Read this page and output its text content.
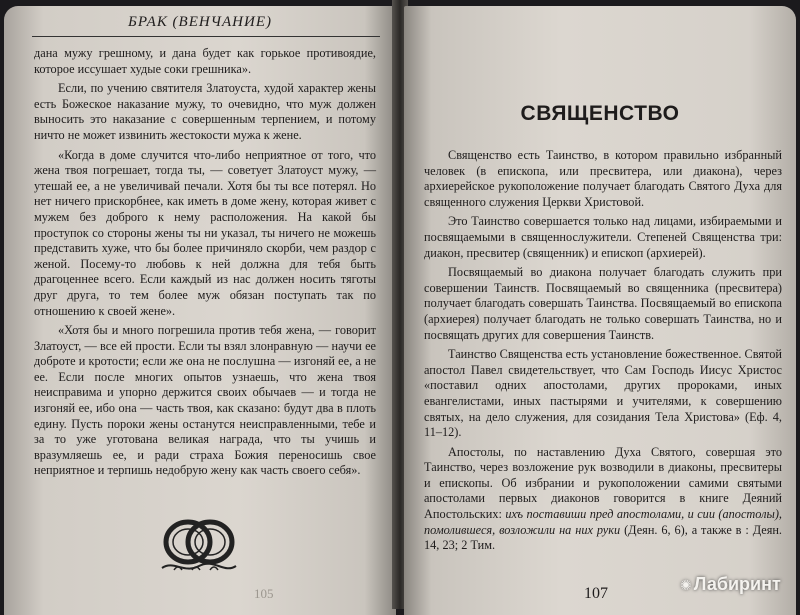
БРАК (ВЕНЧАНИЕ)

дана мужу грешному, и дана будет как горькое противоядие, которое иссушает худые соки грешника».

Если, по учению святителя Златоуста, худой характер жены есть Божеское наказание мужу, то очевидно, что муж должен выносить это наказание с совершенным терпением, и потому ничто не может извинить жестокости мужа к жене.

«Когда в доме случится что-либо неприятное от того, что жена твоя погрешает, тогда ты, — советует Златоуст мужу, — утешай ее, а не увеличивай печали. Хотя бы ты все потерял. Но нет ничего прискорбнее, как иметь в доме жену, которая живет с мужем без доброго к нему расположения. На какой бы проступок со стороны жены ты ни указал, ты ничего не можешь представить хуже, что бы более причиняло скорби, чем раздор с женой. Посему-то любовь к ней должна для тебя быть драгоценнее всего. Если каждый из нас должен носить тяготы друг друга, то тем более муж обязан поступать так по отношению к своей жене».

«Хотя бы и много погрешила против тебя жена, — говорит Златоуст, — все ей прости. Если ты взял злонравную — научи ее доброте и кротости; если же она не послушна — изгоняй ее, а не ее. Если после многих опытов узнаешь, что жена твоя неисправима и упорно держится своих обычаев — и тогда не изгоняй ее, ибо она — часть твоя, как сказано: будут два в плоть едину. Пусть пороки жены останутся неисправленными, тебе и за то уже уготована великая награда, что ты учишь и вразумляешь ее, и ради страха Божия переносишь свое неприятное и терпишь недобрую жену как часть своего себя».

105
СВЯЩЕНСТВО

Священство есть Таинство, в котором правильно избранный человек (в епископа, или пресвитера, или диакона), через архиерейское рукоположение получает благодать Святого Духа для священного служения Церкви Христовой.

Это Таинство совершается только над лицами, избираемыми и посвящаемыми в священнослужители. Степеней Священства три: диакон, пресвитер (священник) и епископ (архиерей).

Посвящаемый во диакона получает благодать служить при совершении Таинств. Посвящаемый во священника (пресвитера) получает благодать совершать Таинства. Посвящаемый во епископа (архиерея) получает благодать не только совершать Таинства, но и посвящать других для совершения Таинств.

Таинство Священства есть установление божественное. Святой апостол Павел свидетельствует, что Сам Господь Иисус Христос «поставил одних апостолами, других пророками, иных евангелистами, иных пастырями и учителями, к совершению святых, на дело служения, для созидания Тела Христова» (Еф. 4, 11–12).

Апостолы, по наставлению Духа Святого, совершая это Таинство, через возложение рук возводили в диаконы, пресвитеры и епископы. Об избрании и рукоположении самими святыми апостолами первых диаконов говорится в книге Деяний Апостольских: ихъ поставиши пред апостолами, и сии (апостолы), помолившеся, возложили на них руки (Деян. 6, 6), а также в : Деян. 14, 23; 2 Тим.

107	✺ Лабиринт
